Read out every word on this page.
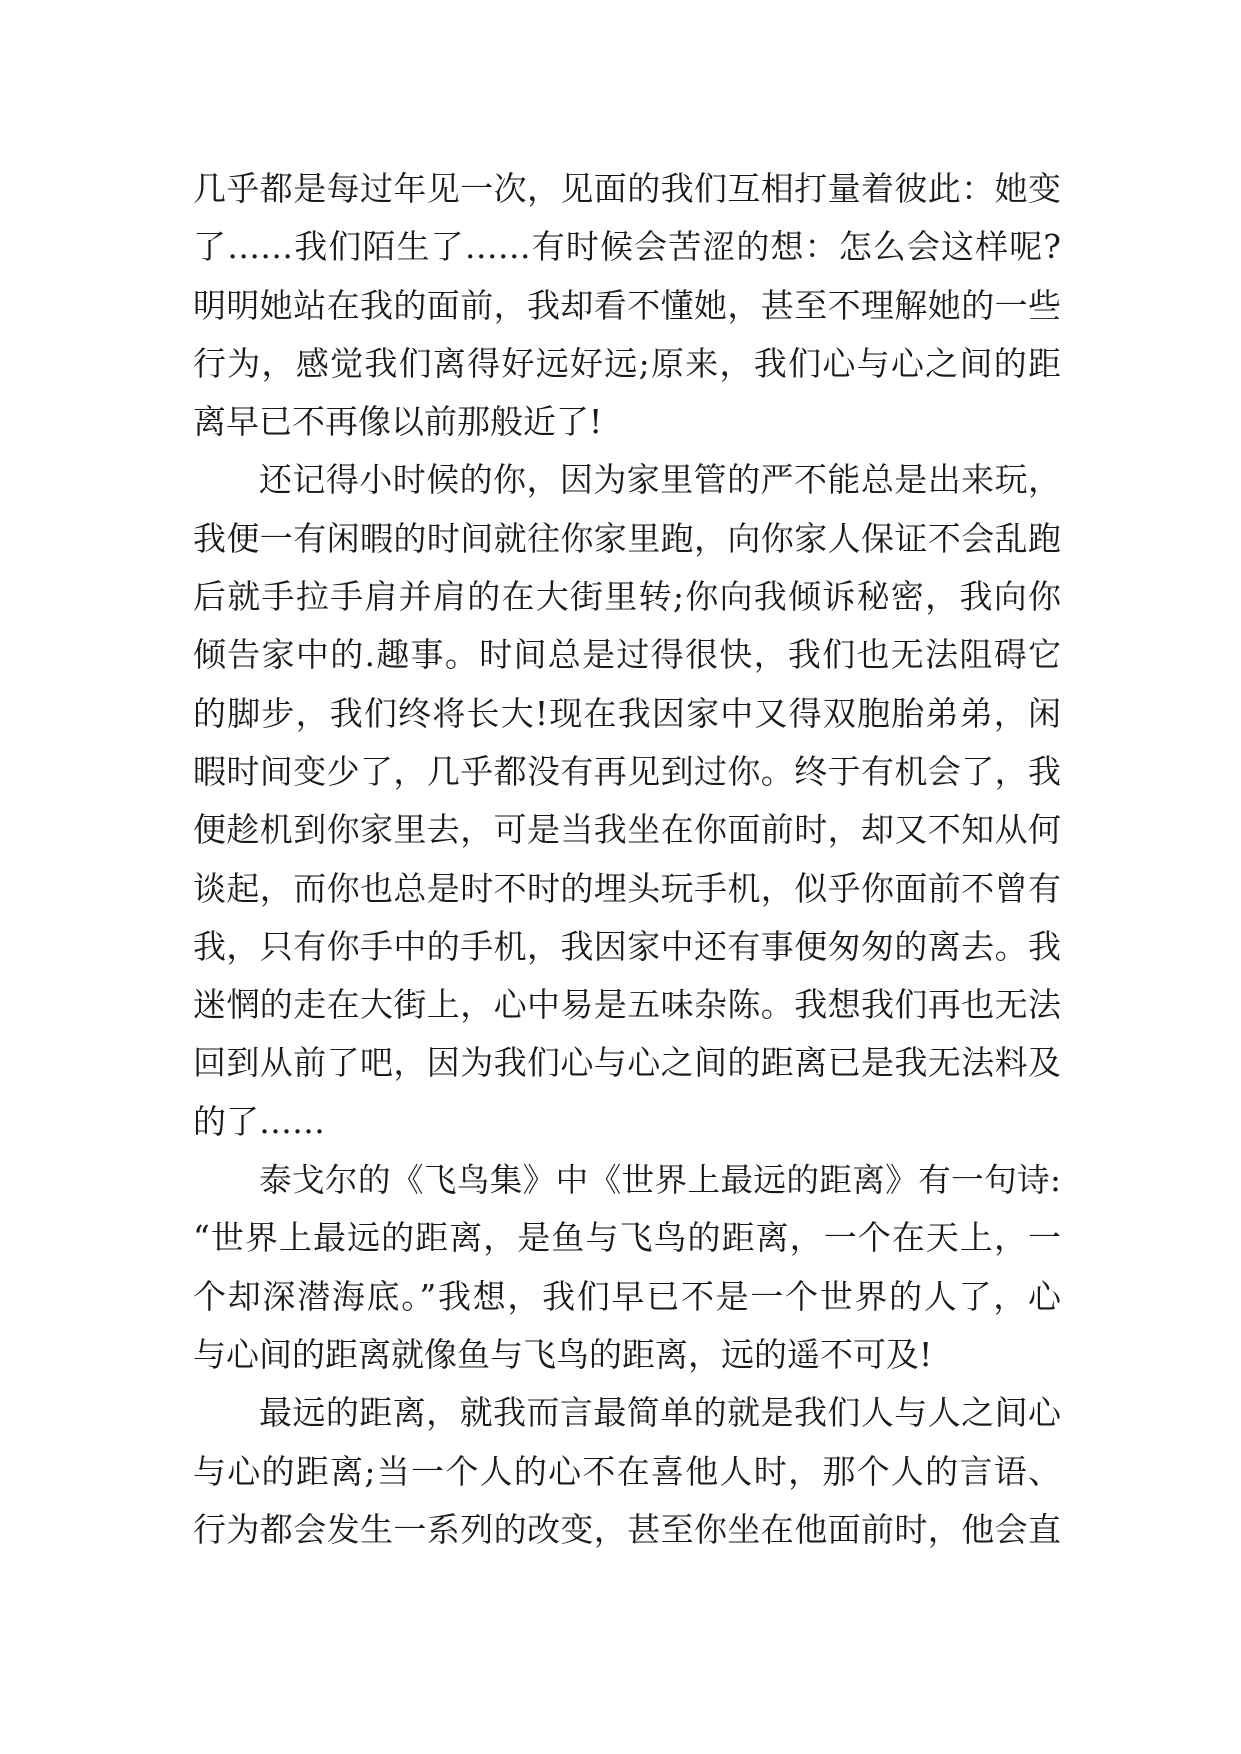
几乎都是每过年见一次，见面的我们互相打量着彼此：她变
了……我们陌生了……有时候会苦涩的想：怎么会这样呢?
明明她站在我的面前，我却看不懂她，甚至不理解她的一些
行为，感觉我们离得好远好远;原来，我们心与心之间的距
离早已不再像以前那般近了!
还记得小时候的你，因为家里管的严不能总是出来玩，
我便一有闲暇的时间就往你家里跑，向你家人保证不会乱跑
后就手拉手肩并肩的在大街里转;你向我倾诉秘密，我向你
倾告家中的.趣事。时间总是过得很快，我们也无法阻碍它
的脚步，我们终将长大!现在我因家中又得双胞胎弟弟，闲
暇时间变少了，几乎都没有再见到过你。终于有机会了，我
便趁机到你家里去，可是当我坐在你面前时，却又不知从何
谈起，而你也总是时不时的埋头玩手机，似乎你面前不曾有
我，只有你手中的手机，我因家中还有事便匆匆的离去。我
迷惘的走在大街上，心中易是五味杂陈。我想我们再也无法
回到从前了吧，因为我们心与心之间的距离已是我无法料及
的了……
泰戈尔的《飞鸟集》中《世界上最远的距离》有一句诗:
“世界上最远的距离，是鱼与飞鸟的距离，一个在天上，一
个却深潜海底。”我想，我们早已不是一个世界的人了，心
与心间的距离就像鱼与飞鸟的距离，远的遥不可及!
最远的距离，就我而言最简单的就是我们人与人之间心
与心的距离;当一个人的心不在喜他人时，那个人的言语、
行为都会发生一系列的改变，甚至你坐在他面前时，他会直
